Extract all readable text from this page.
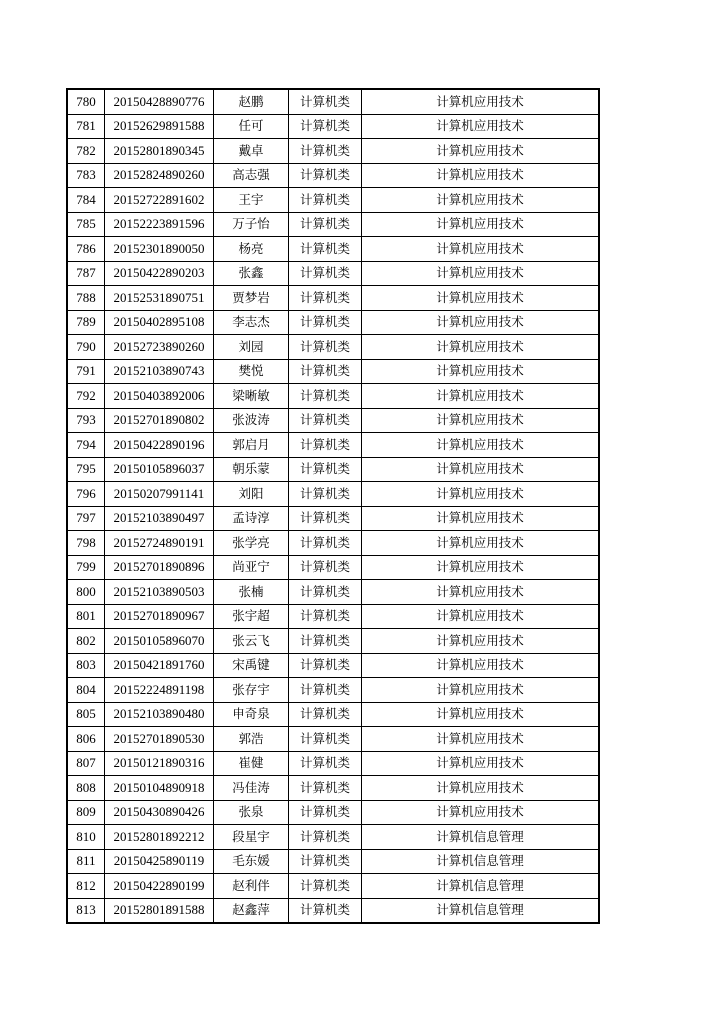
780	20150428890776	赵鹏	计算机类	计算机应用技术
781	20152629891588	任可	计算机类	计算机应用技术
782	20152801890345	戴卓	计算机类	计算机应用技术
783	20152824890260	高志强	计算机类	计算机应用技术
784	20152722891602	王宇	计算机类	计算机应用技术
785	20152223891596	万子怡	计算机类	计算机应用技术
786	20152301890050	杨亮	计算机类	计算机应用技术
787	20150422890203	张鑫	计算机类	计算机应用技术
788	20152531890751	贾梦岩	计算机类	计算机应用技术
789	20150402895108	李志杰	计算机类	计算机应用技术
790	20152723890260	刘园	计算机类	计算机应用技术
791	20152103890743	樊悦	计算机类	计算机应用技术
792	20150403892006	梁晰敏	计算机类	计算机应用技术
793	20152701890802	张波涛	计算机类	计算机应用技术
794	20150422890196	郭启月	计算机类	计算机应用技术
795	20150105896037	朝乐蒙	计算机类	计算机应用技术
796	20150207991141	刘阳	计算机类	计算机应用技术
797	20152103890497	孟诗淳	计算机类	计算机应用技术
798	20152724890191	张学亮	计算机类	计算机应用技术
799	20152701890896	尚亚宁	计算机类	计算机应用技术
800	20152103890503	张楠	计算机类	计算机应用技术
801	20152701890967	张宇超	计算机类	计算机应用技术
802	20150105896070	张云飞	计算机类	计算机应用技术
803	20150421891760	宋禹键	计算机类	计算机应用技术
804	20152224891198	张存宇	计算机类	计算机应用技术
805	20152103890480	申奇泉	计算机类	计算机应用技术
806	20152701890530	郭浩	计算机类	计算机应用技术
807	20150121890316	崔健	计算机类	计算机应用技术
808	20150104890918	冯佳涛	计算机类	计算机应用技术
809	20150430890426	张泉	计算机类	计算机应用技术
810	20152801892212	段星宇	计算机类	计算机信息管理
811	20150425890119	毛东媛	计算机类	计算机信息管理
812	20150422890199	赵利伴	计算机类	计算机信息管理
813	20152801891588	赵鑫萍	计算机类	计算机信息管理
